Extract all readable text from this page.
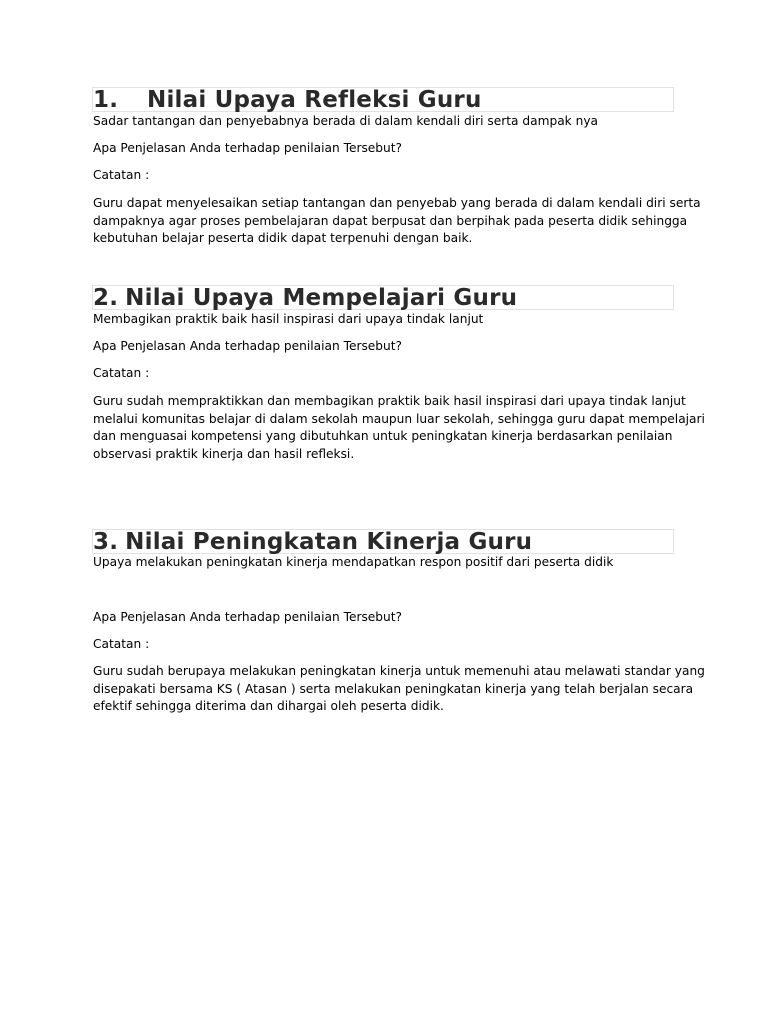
1. Nilai Upaya Refleksi Guru

Sadar tantangan dan penyebabnya berada di dalam kendali diri serta dampak nya

Apa Penjelasan Anda terhadap penilaian Tersebut?

Catatan :

Guru dapat menyelesaikan setiap tantangan dan penyebab yang berada di dalam kendali diri serta
dampaknya agar proses pembelajaran dapat berpusat dan berpihak pada peserta didik sehingga
kebutuhan belajar peserta didik dapat terpenuhi dengan baik.
2. Nilai Upaya Mempelajari Guru

Membagikan praktik baik hasil inspirasi dari upaya tindak lanjut

Apa Penjelasan Anda terhadap penilaian Tersebut?

Catatan :

Guru sudah mempraktikkan dan membagikan praktik baik hasil inspirasi dari upaya tindak lanjut
melalui komunitas belajar di dalam sekolah maupun luar sekolah, sehingga guru dapat mempelajari
dan menguasai kompetensi yang dibutuhkan untuk peningkatan kinerja berdasarkan penilaian
observasi praktik kinerja dan hasil refleksi.
3. Nilai Peningkatan Kinerja Guru

Upaya melakukan peningkatan kinerja mendapatkan respon positif dari peserta didik

Apa Penjelasan Anda terhadap penilaian Tersebut?

Catatan :

Guru sudah berupaya melakukan peningkatan kinerja untuk memenuhi atau melawati standar yang
disepakati bersama KS ( Atasan ) serta melakukan peningkatan kinerja yang telah berjalan secara
efektif sehingga diterima dan dihargai oleh peserta didik.
